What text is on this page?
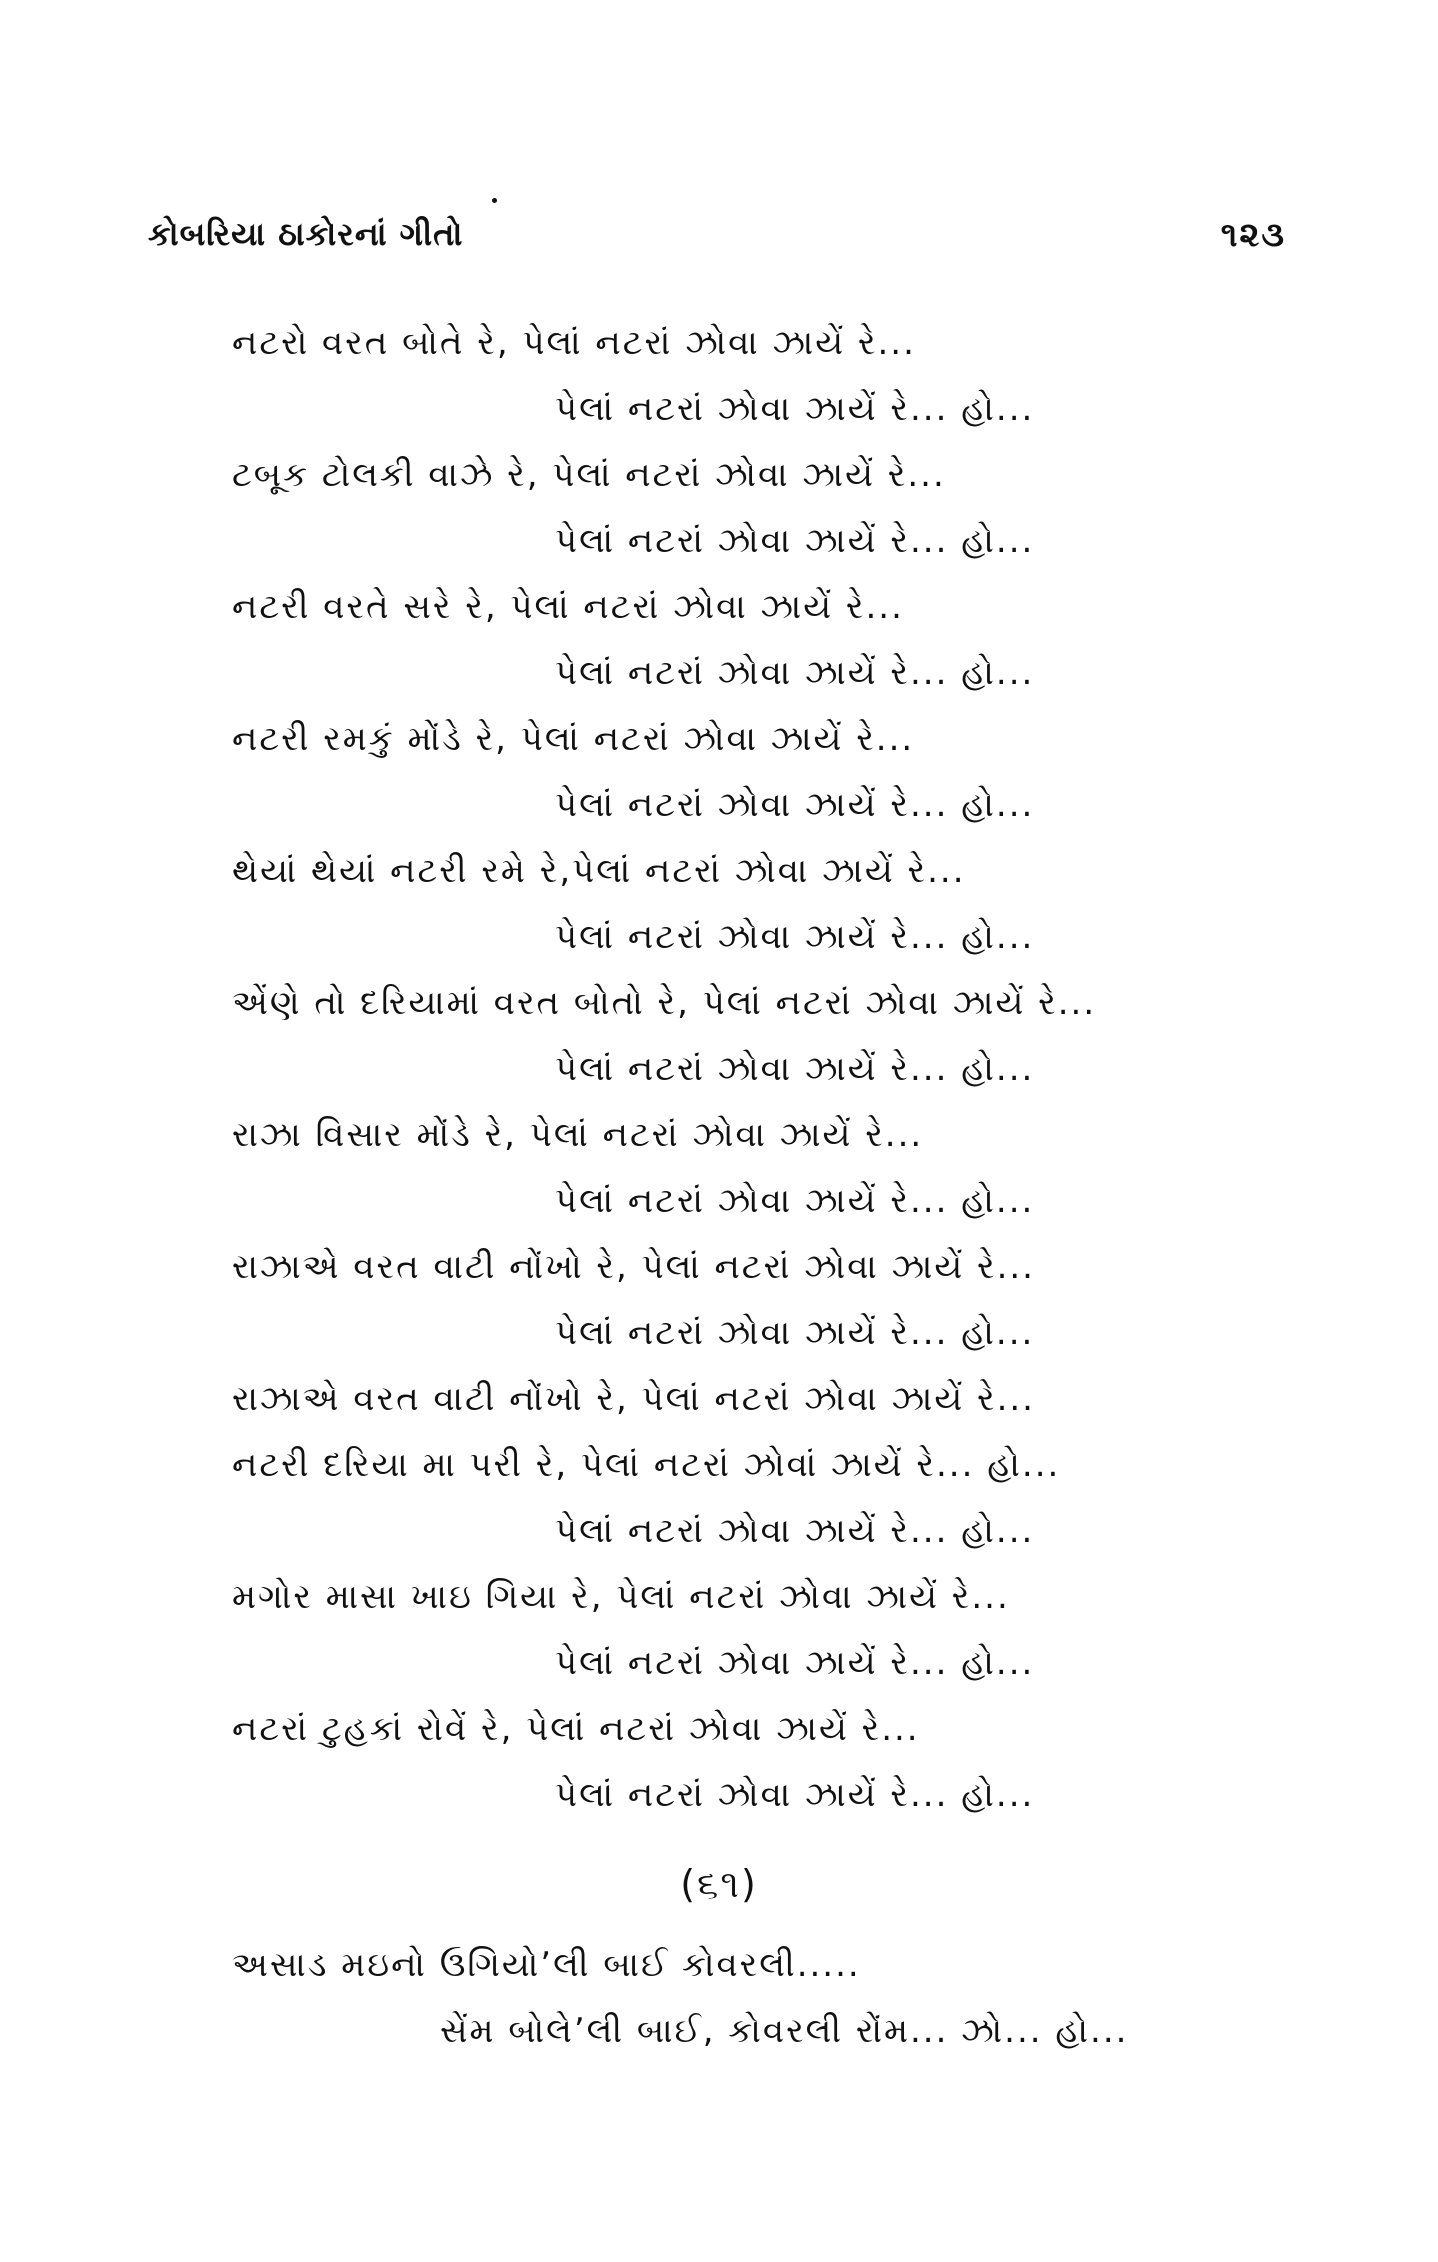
કોબરિયા ઠાકોરનાં ગીતો	૧૨૩
નટરો વરત બોતે રે, પેલાં નટરાં ઝોવા ઝાયેં રે...
પેલાં નટરાં ઝોવા ઝાયેં રે... હો...
ટબૂક ટોલકી વાઝે રે, પેલાં નટરાં ઝોવા ઝાયેં રે...
પેલાં નટરાં ઝોવા ઝાયેં રે... હો...
નટરી વરતે સરે રે, પેલાં નટરાં ઝોવા ઝાયેં રે...
પેલાં નટરાં ઝોવા ઝાયેં રે... હો...
નટરી રમકું મોંડે રે, પેલાં નટરાં ઝોવા ઝાયેં રે...
પેલાં નટરાં ઝોવા ઝાયેં રે... હો...
થેયાં થેયાં નટરી રમે રે,પેલાં નટરાં ઝોવા ઝાયેં રે...
પેલાં નટરાં ઝોવા ઝાયેં રે... હો...
એંણે તો દરિયામાં વરત બોતો રે, પેલાં નટરાં ઝોવા ઝાયેં રે...
પેલાં નટરાં ઝોવા ઝાયેં રે... હો...
રાઝા વિસાર મોંડે રે, પેલાં નટરાં ઝોવા ઝાયેં રે...
પેલાં નટરાં ઝોવા ઝાયેં રે... હો...
રાઝાએ વરત વાટી નોંખો રે, પેલાં નટરાં ઝોવા ઝાયેં રે...
પેલાં નટરાં ઝોવા ઝાયેં રે... હો...
રાઝાએ વરત વાટી નોંખો રે, પેલાં નટરાં ઝોવા ઝાયેં રે...
નટરી દરિયા મા પરી રે, પેલાં નટરાં ઝોવાં ઝાયેં રે... હો...
પેલાં નટરાં ઝોવા ઝાયેં રે... હો...
મગોર માસા ખાઇ ગિયા રે, પેલાં નટરાં ઝોવા ઝાયેં રે...
પેલાં નટરાં ઝોવા ઝાયેં રે... હો...
નટરાં ટુહકાં રોવેં રે, પેલાં નટરાં ઝોવા ઝાયેં રે...
પેલાં નટરાં ઝોવા ઝાયેં રે... હો...
(૬૧)
અસાડ મઇનો ઉગિયો’લી બાઈ કોવરલી.....
સેંમ બોલે’લી બાઈ, કોવરલી રોંમ... ઝો... હો...
